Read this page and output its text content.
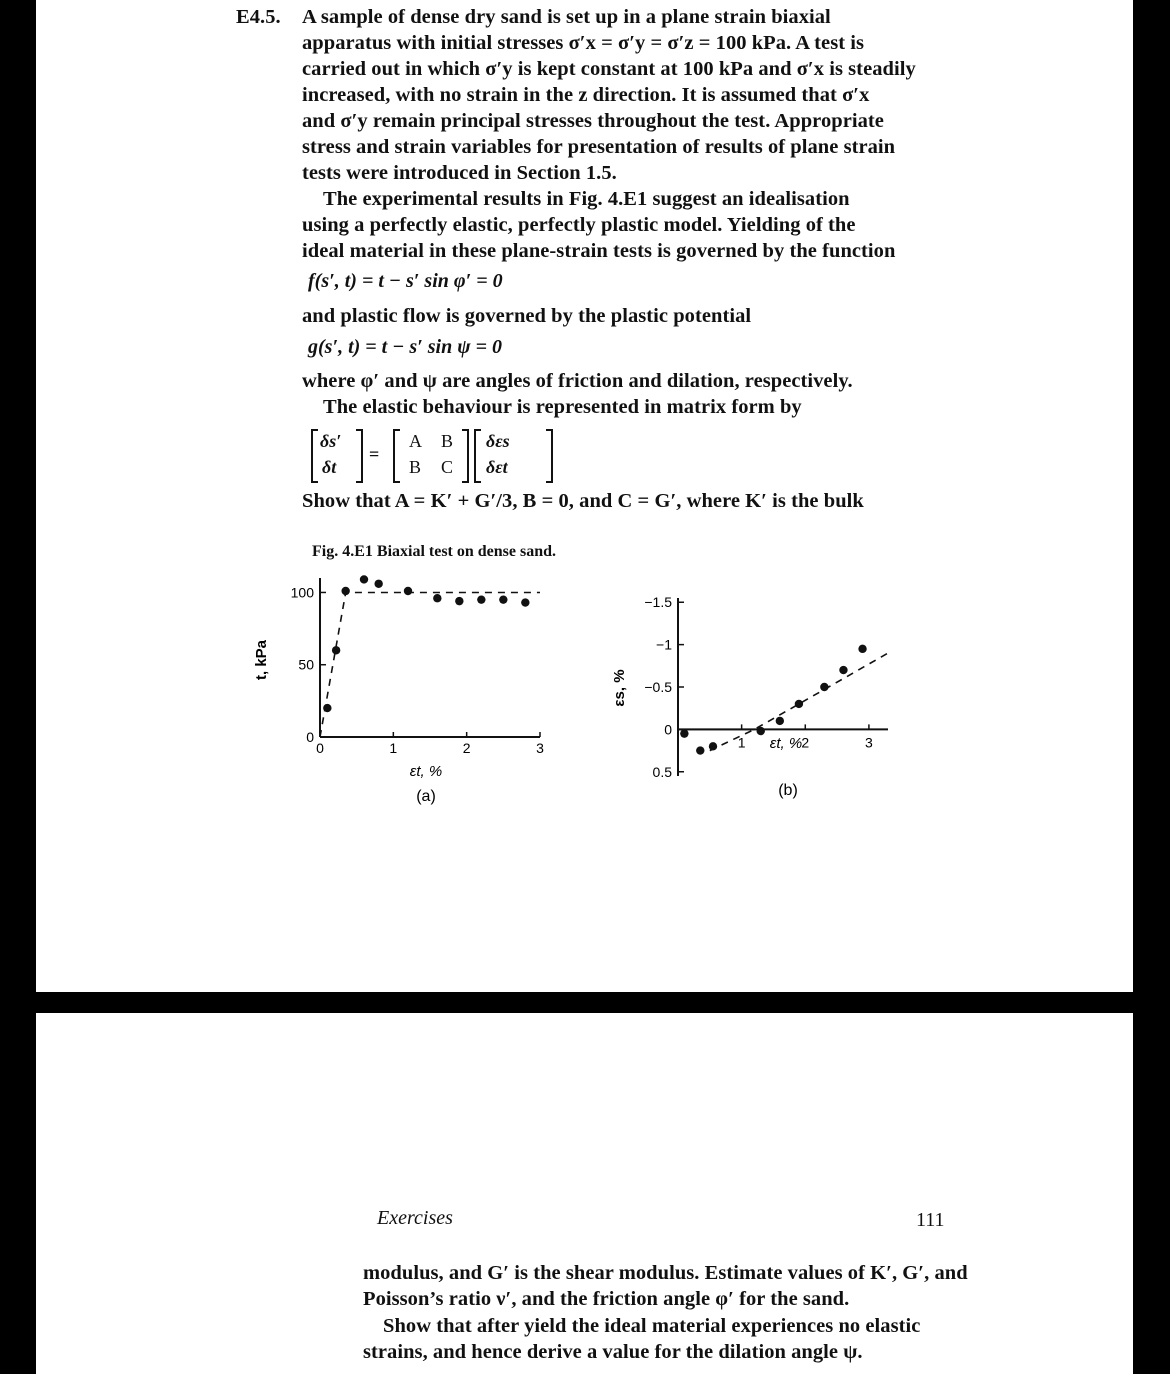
E4.5. A sample of dense dry sand is set up in a plane strain biaxial
apparatus with initial stresses σ′x = σ′y = σ′z = 100 kPa. A test is
carried out in which σ′y is kept constant at 100 kPa and σ′x is steadily
increased, with no strain in the z direction. It is assumed that σ′x
and σ′y remain principal stresses throughout the test. Appropriate
stress and strain variables for presentation of results of plane strain
tests were introduced in Section 1.5.
The experimental results in Fig. 4.E1 suggest an idealisation
using a perfectly elastic, perfectly plastic model. Yielding of the
ideal material in these plane-strain tests is governed by the function
f(s′, t) = t − s′ sin φ′ = 0
and plastic flow is governed by the plastic potential
g(s′, t) = t − s′ sin ψ = 0
where φ′ and ψ are angles of friction and dilation, respectively.
The elastic behaviour is represented in matrix form by
δs′
δt
=
A B
B C
δεs
δεt
Show that A = K′ + G′/3, B = 0, and C = G′, where K′ is the bulk
Fig. 4.E1 Biaxial test on dense sand.
0	1	2	3
0
50
100
εt, %
t, kPa
(a)
1	2	3
−1.5
−1
−0.5
0
0.5
εt, %
εs, %
(b)
Exercises	111
modulus, and G′ is the shear modulus. Estimate values of K′, G′, and
Poisson’s ratio ν′, and the friction angle φ′ for the sand.
Show that after yield the ideal material experiences no elastic
strains, and hence derive a value for the dilation angle ψ.
